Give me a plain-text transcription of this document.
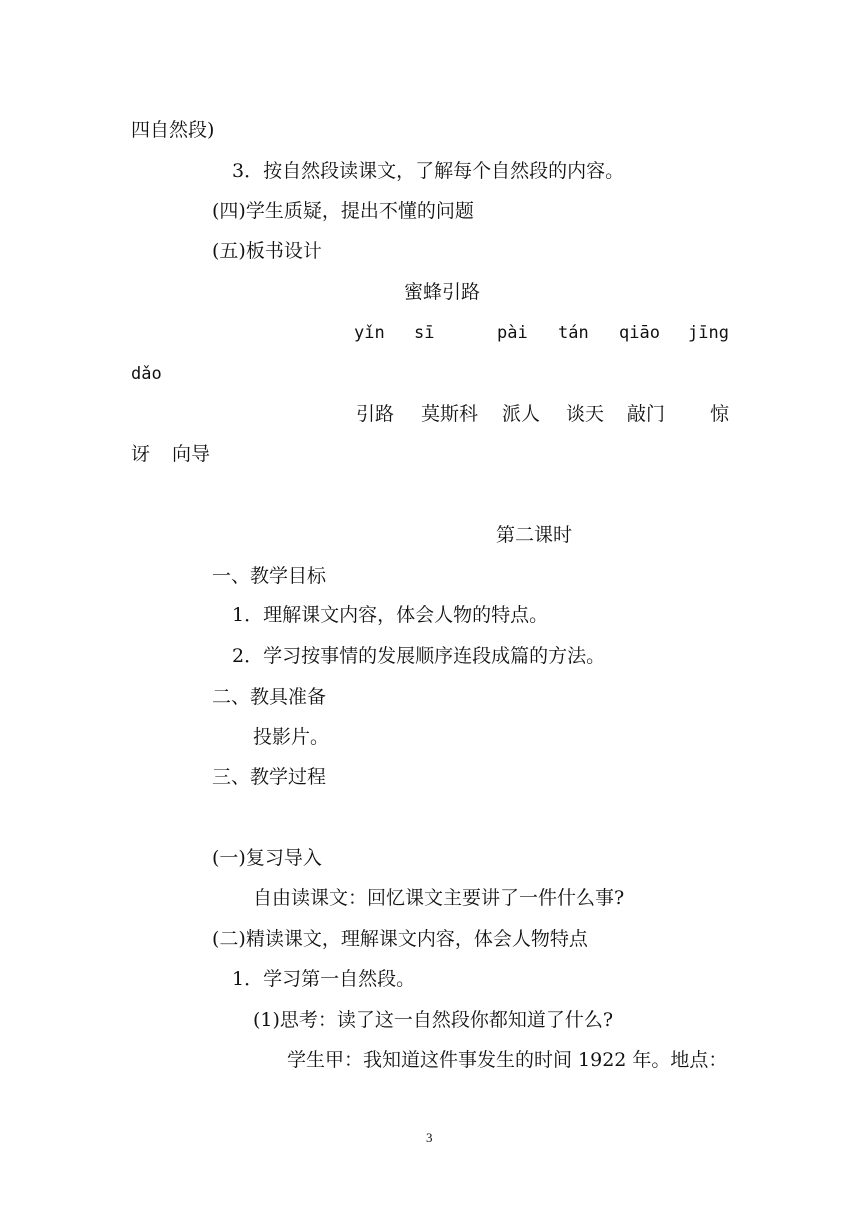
四自然段)
3．按自然段读课文，了解每个自然段的内容。
(四)学生质疑，提出不懂的问题
(五)板书设计
蜜蜂引路
yǐn sī	pài tán qiāo jīng
dǎo
引路 莫斯科 派人 谈天 敲门 惊
讶 向导
第二课时
一、教学目标
1．理解课文内容，体会人物的特点。
2．学习按事情的发展顺序连段成篇的方法。
二、教具准备
投影片。
三、教学过程
(一)复习导入
自由读课文：回忆课文主要讲了一件什么事?
(二)精读课文，理解课文内容，体会人物特点
1．学习第一自然段。
(1)思考：读了这一自然段你都知道了什么?
学生甲：我知道这件事发生的时间 1922 年。地点：
3
